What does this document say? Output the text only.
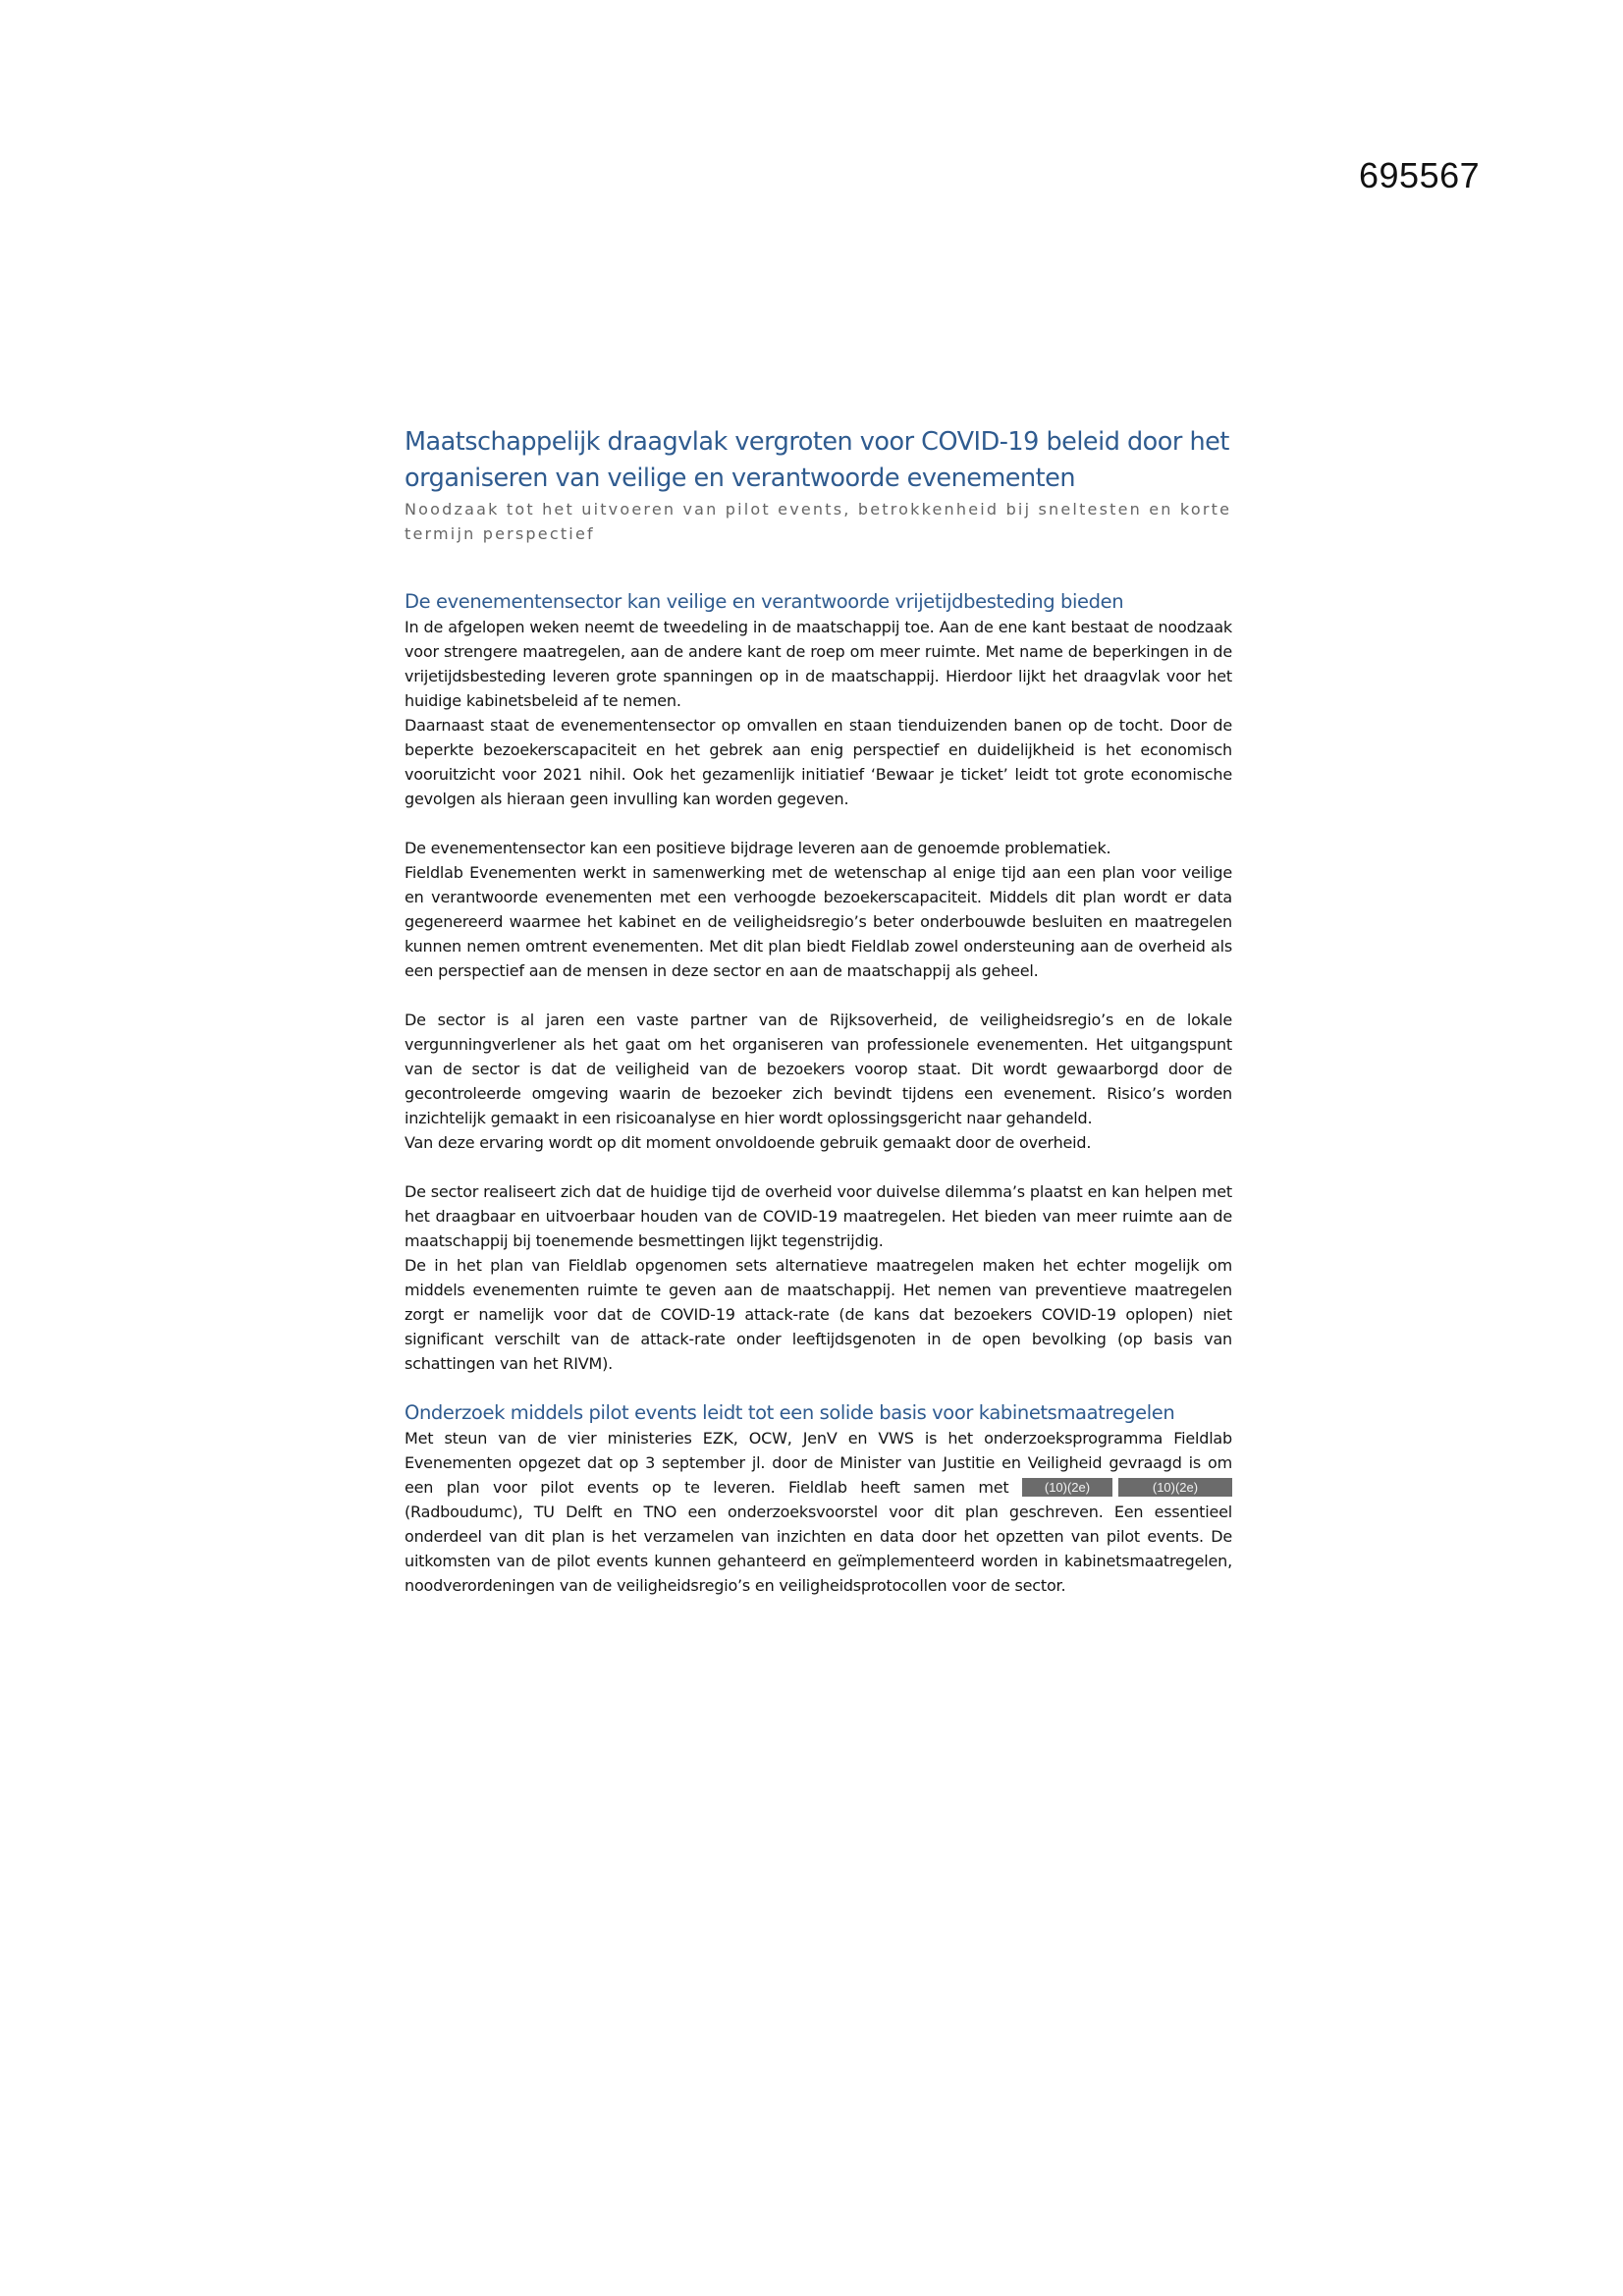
695567
Maatschappelijk draagvlak vergroten voor COVID-19 beleid door het organiseren van veilige en verantwoorde evenementen

Noodzaak tot het uitvoeren van pilot events, betrokkenheid bij sneltesten en korte termijn perspectief

De evenementensector kan veilige en verantwoorde vrijetijdbesteding bieden

In de afgelopen weken neemt de tweedeling in de maatschappij toe. Aan de ene kant bestaat de noodzaak voor strengere maatregelen, aan de andere kant de roep om meer ruimte. Met name de beperkingen in de vrijetijdsbesteding leveren grote spanningen op in de maatschappij. Hierdoor lijkt het draagvlak voor het huidige kabinetsbeleid af te nemen.

Daarnaast staat de evenementensector op omvallen en staan tienduizenden banen op de tocht. Door de beperkte bezoekerscapaciteit en het gebrek aan enig perspectief en duidelijkheid is het economisch vooruitzicht voor 2021 nihil. Ook het gezamenlijk initiatief ‘Bewaar je ticket’ leidt tot grote economische gevolgen als hieraan geen invulling kan worden gegeven.

De evenementensector kan een positieve bijdrage leveren aan de genoemde problematiek.

Fieldlab Evenementen werkt in samenwerking met de wetenschap al enige tijd aan een plan voor veilige en verantwoorde evenementen met een verhoogde bezoekerscapaciteit. Middels dit plan wordt er data gegenereerd waarmee het kabinet en de veiligheidsregio’s beter onderbouwde besluiten en maatregelen kunnen nemen omtrent evenementen. Met dit plan biedt Fieldlab zowel ondersteuning aan de overheid als een perspectief aan de mensen in deze sector en aan de maatschappij als geheel.

De sector is al jaren een vaste partner van de Rijksoverheid, de veiligheidsregio’s en de lokale vergunningverlener als het gaat om het organiseren van professionele evenementen. Het uitgangspunt van de sector is dat de veiligheid van de bezoekers voorop staat. Dit wordt gewaarborgd door de gecontroleerde omgeving waarin de bezoeker zich bevindt tijdens een evenement. Risico’s worden inzichtelijk gemaakt in een risicoanalyse en hier wordt oplossingsgericht naar gehandeld.

Van deze ervaring wordt op dit moment onvoldoende gebruik gemaakt door de overheid.

De sector realiseert zich dat de huidige tijd de overheid voor duivelse dilemma’s plaatst en kan helpen met het draagbaar en uitvoerbaar houden van de COVID-19 maatregelen. Het bieden van meer ruimte aan de maatschappij bij toenemende besmettingen lijkt tegenstrijdig.

De in het plan van Fieldlab opgenomen sets alternatieve maatregelen maken het echter mogelijk om middels evenementen ruimte te geven aan de maatschappij. Het nemen van preventieve maatregelen zorgt er namelijk voor dat de COVID-19 attack-rate (de kans dat bezoekers COVID-19 oplopen) niet significant verschilt van de attack-rate onder leeftijdsgenoten in de open bevolking (op basis van schattingen van het RIVM).

Onderzoek middels pilot events leidt tot een solide basis voor kabinetsmaatregelen

Met steun van de vier ministeries EZK, OCW, JenV en VWS is het onderzoeksprogramma Fieldlab Evenementen opgezet dat op 3 september jl. door de Minister van Justitie en Veiligheid gevraagd is om een plan voor pilot events op te leveren. Fieldlab heeft samen met	(10)(2e)	(10)(2e) (Radboudumc), TU Delft en TNO een onderzoeksvoorstel voor dit plan geschreven. Een essentieel onderdeel van dit plan is het verzamelen van inzichten en data door het opzetten van pilot events. De uitkomsten van de pilot events kunnen gehanteerd en geïmplementeerd worden in kabinetsmaatregelen, noodverordeningen van de veiligheidsregio’s en veiligheidsprotocollen voor de sector.
